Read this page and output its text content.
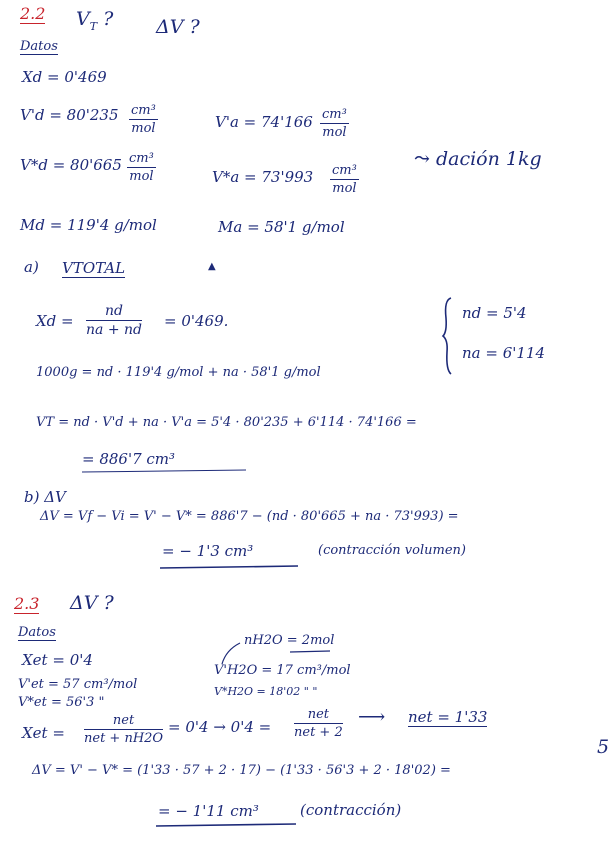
2.2 $V_T$ ? ΔV ?
Datos
Xd = 0'469
V'd = 80'235 cm³
mol	V'a = 74'166 cm³
mol
V*d = 80'665 cm³
mol	V*a = 73'993 cm³
mol
⤳ dación 1kg
Md = 119'4 g/mol	Ma = 58'1 g/mol
a) VTOTAL	▲
$Xd = \frac{nd}{na + nd} = 0'469$.	nd = 5'4
na = 6'114
1000g = nd · 119'4 g/mol + na · 58'1 g/mol
VT = nd · V'd + na · V'a = 5'4 · 80'235 + 6'114 · 74'166 =
= 886'7 cm³
b) ΔV
ΔV = Vf − Vi = V' − V* = 886'7 − (nd · 80'665 + na · 73'993) =
= − 1'3 cm³	(contracción volumen)
2.3 ΔV ?
Datos
nH2O = 2mol
Xet = 0'4
V'H2O = 17 cm³/mol
V'et = 57 cm³/mol	V*H2O = 18'02 " "
V*et = 56'3 "
Xet =
net
net + nH2O
= 0'4 → 0'4 =
net
net + 2
⟶ net = 1'33
ΔV = V' − V* = (1'33 · 57 + 2 · 17) − (1'33 · 56'3 + 2 · 18'02) =
= − 1'11 cm³	(contracción)
5
